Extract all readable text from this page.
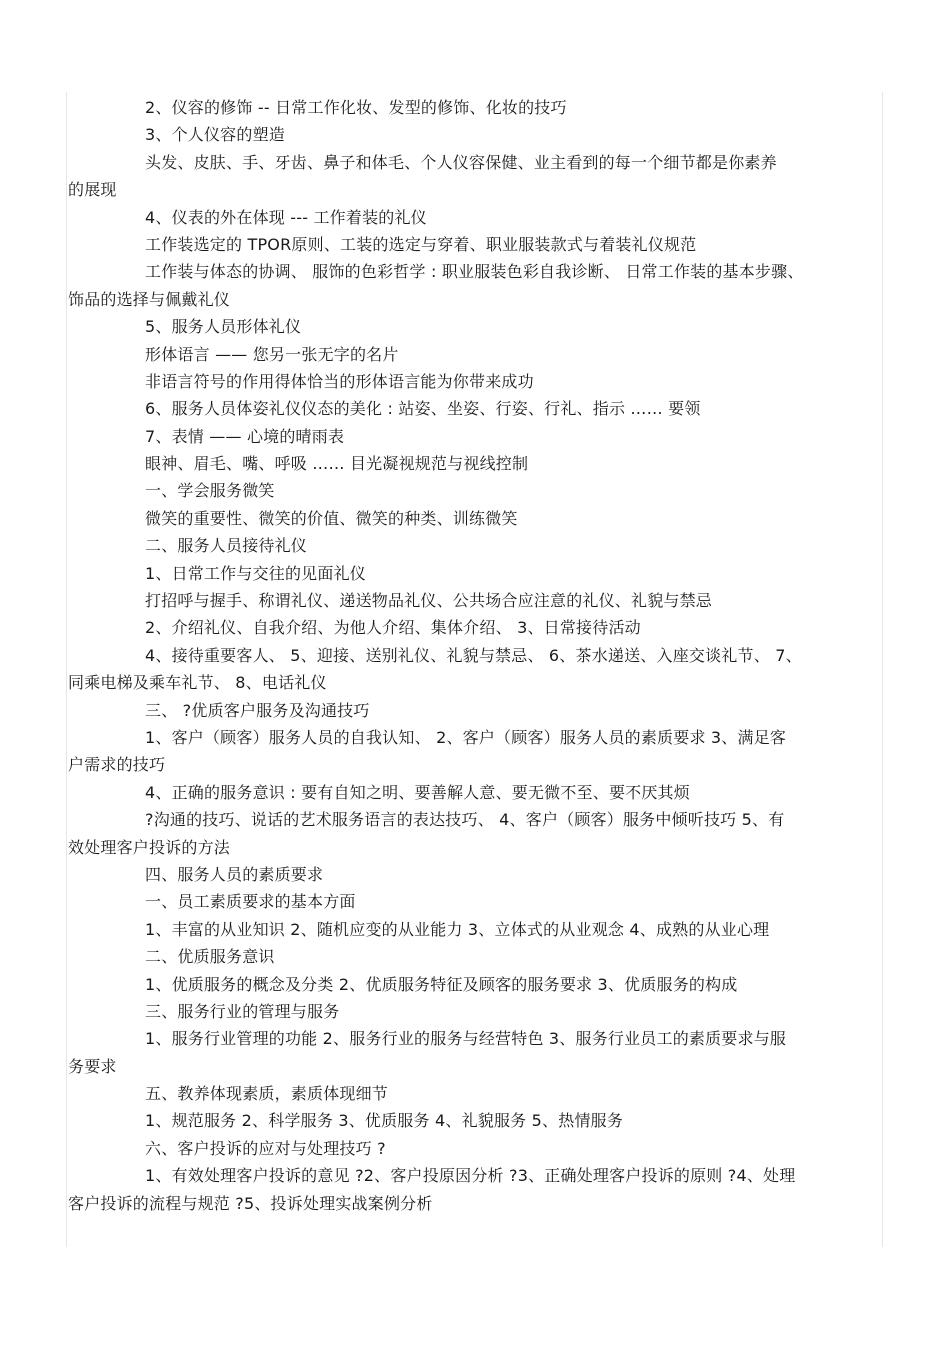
2、仪容的修饰 -- 日常工作化妆、发型的修饰、化妆的技巧
3、个人仪容的塑造
头发、皮肤、手、牙齿、鼻子和体毛、个人仪容保健、业主看到的每一个细节都是你素养
的展现
4、仪表的外在体现 --- 工作着装的礼仪
工作装选定的 TPOR原则、工装的选定与穿着、职业服装款式与着装礼仪规范
工作装与体态的协调、 服饰的色彩哲学 : 职业服装色彩自我诊断、 日常工作装的基本步骤、
饰品的选择与佩戴礼仪
5、服务人员形体礼仪
形体语言 —— 您另一张无字的名片
非语言符号的作用得体恰当的形体语言能为你带来成功
6、服务人员体姿礼仪仪态的美化 : 站姿、坐姿、行姿、行礼、指示 …… 要领
7、表情 —— 心境的晴雨表
眼神、眉毛、嘴、呼吸 …… 目光凝视规范与视线控制
一、学会服务微笑
微笑的重要性、微笑的价值、微笑的种类、训练微笑
二、服务人员接待礼仪
1、日常工作与交往的见面礼仪
打招呼与握手、称谓礼仪、递送物品礼仪、公共场合应注意的礼仪、礼貌与禁忌
2、介绍礼仪、自我介绍、为他人介绍、集体介绍、 3、日常接待活动
4、接待重要客人、 5、迎接、送别礼仪、礼貌与禁忌、 6、茶水递送、入座交谈礼节、 7、
同乘电梯及乘车礼节、 8、电话礼仪
三、 ?优质客户服务及沟通技巧
1、客户（顾客）服务人员的自我认知、 2、客户（顾客）服务人员的素质要求 3、满足客
户需求的技巧
4、正确的服务意识 : 要有自知之明、要善解人意、要无微不至、要不厌其烦
?沟通的技巧、说话的艺术服务语言的表达技巧、 4、客户（顾客）服务中倾听技巧 5、有
效处理客户投诉的方法
四、服务人员的素质要求
一、员工素质要求的基本方面
1、丰富的从业知识 2、随机应变的从业能力 3、立体式的从业观念 4、成熟的从业心理
二、优质服务意识
1、优质服务的概念及分类 2、优质服务特征及顾客的服务要求 3、优质服务的构成
三、服务行业的管理与服务
1、服务行业管理的功能 2、服务行业的服务与经营特色 3、服务行业员工的素质要求与服
务要求
五、教养体现素质，素质体现细节
1、规范服务 2、科学服务 3、优质服务 4、礼貌服务 5、热情服务
六、客户投诉的应对与处理技巧 ?
1、有效处理客户投诉的意见 ?2、客户投原因分析 ?3、正确处理客户投诉的原则 ?4、处理
客户投诉的流程与规范 ?5、投诉处理实战案例分析
